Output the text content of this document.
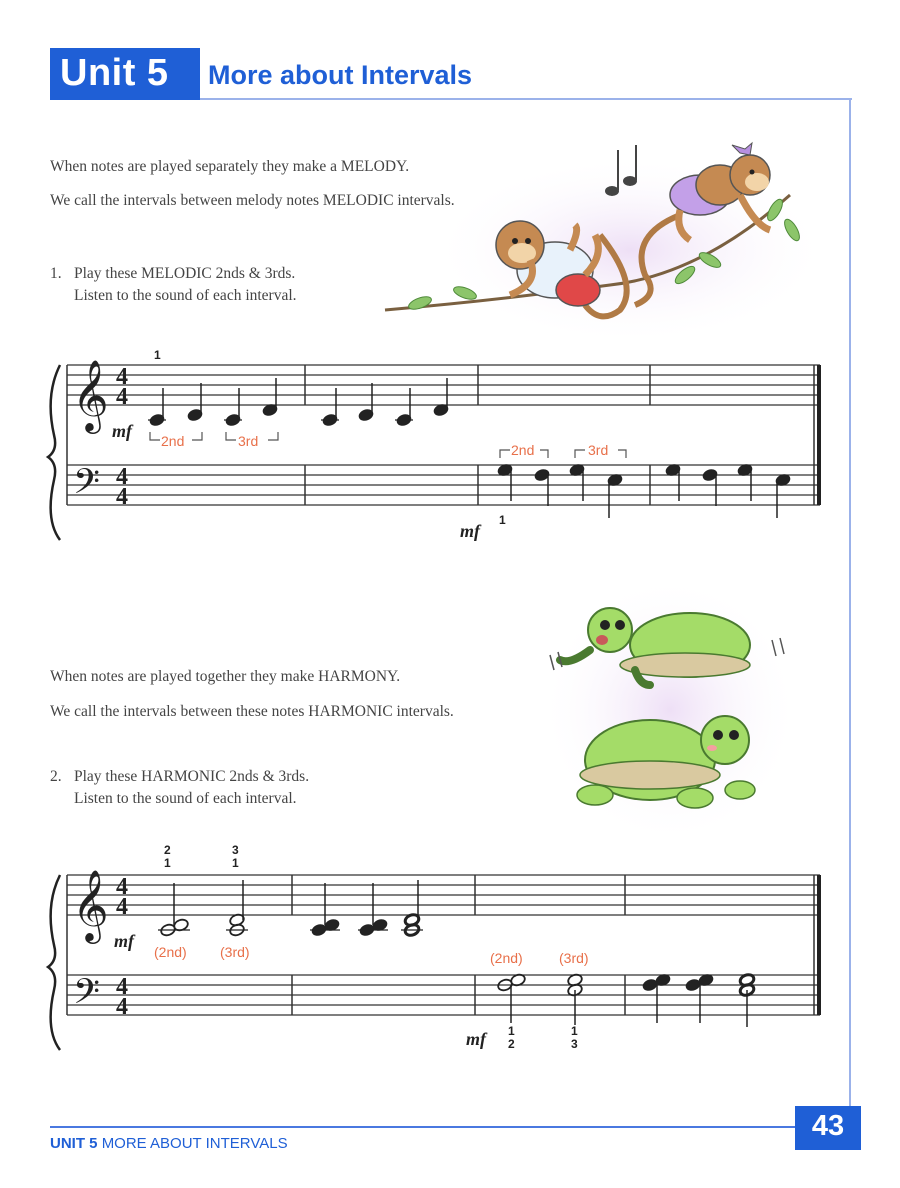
Unit 5 More about Intervals
When notes are played separately they make a MELODY.
We call the intervals between melody notes MELODIC intervals.
1. Play these MELODIC 2nds & 3rds.
Listen to the sound of each interval.
𝄞
𝄢
4
4
4
4
1
mf
mf
1
2nd	3rd
2nd	3rd
When notes are played together they make HARMONY.
We call the intervals between these notes HARMONIC intervals.
2. Play these HARMONIC 2nds & 3rds.
Listen to the sound of each interval.
𝄞
𝄢
4
4
4
4
2
1
3
1
1
2
1
3
mf
mf
(2nd) (3rd)	(2nd)	(3rd)
UNIT 5 MORE ABOUT INTERVALS
43
